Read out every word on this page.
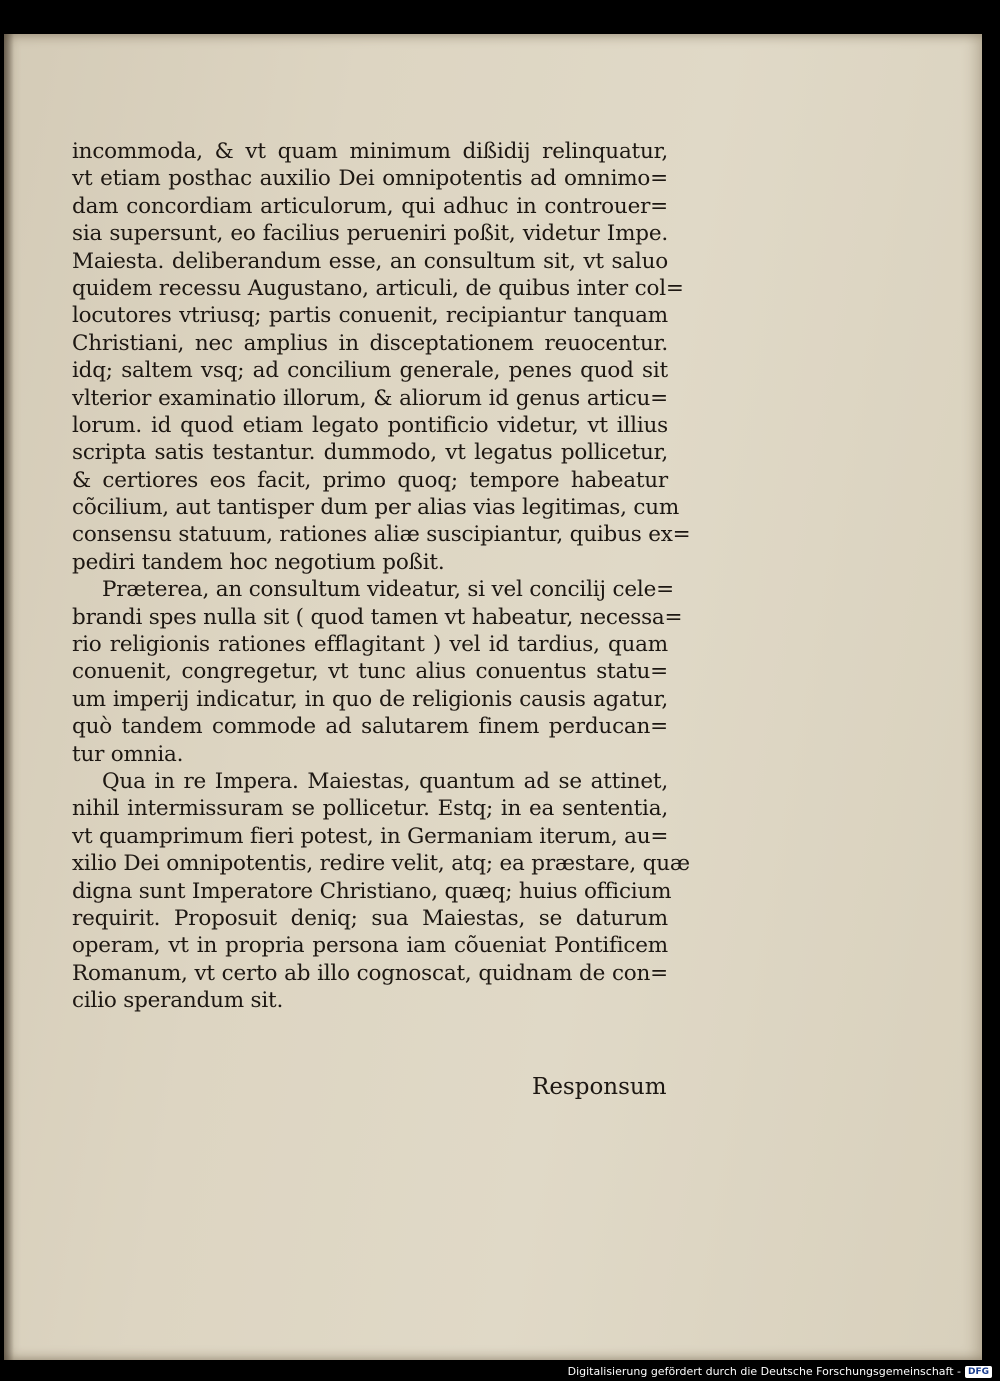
incommoda, & vt quam minimum dißidij relinquatur,
vt etiam posthac auxilio Dei omnipotentis ad omnimo=
dam concordiam articulorum, qui adhuc in controuer=
sia supersunt, eo facilius perueniri poßit, videtur Impe.
Maiesta. deliberandum esse, an consultum sit, vt saluo
quidem recessu Augustano, articuli, de quibus inter col=
locutores vtriusq; partis conuenit, recipiantur tanquam
Christiani, nec amplius in disceptationem reuocentur.
idq; saltem vsq; ad concilium generale, penes quod sit
vlterior examinatio illorum, & aliorum id genus articu=
lorum. id quod etiam legato pontificio videtur, vt illius
scripta satis testantur. dummodo, vt legatus pollicetur,
& certiores eos facit, primo quoq; tempore habeatur
cõcilium, aut tantisper dum per alias vias legitimas, cum
consensu statuum, rationes aliæ suscipiantur, quibus ex=
pediri tandem hoc negotium poßit.
Præterea, an consultum videatur, si vel concilij cele=
brandi spes nulla sit ( quod tamen vt habeatur, necessa=
rio religionis rationes efflagitant ) vel id tardius, quam
conuenit, congregetur, vt tunc alius conuentus statu=
um imperij indicatur, in quo de religionis causis agatur,
quò tandem commode ad salutarem finem perducan=
tur omnia.
Qua in re Impera. Maiestas, quantum ad se attinet,
nihil intermissuram se pollicetur. Estq; in ea sententia,
vt quamprimum fieri potest, in Germaniam iterum, au=
xilio Dei omnipotentis, redire velit, atq; ea præstare, quæ
digna sunt Imperatore Christiano, quæq; huius officium
requirit. Proposuit deniq; sua Maiestas, se daturum
operam, vt in propria persona iam cõueniat Pontificem
Romanum, vt certo ab illo cognoscat, quidnam de con=
cilio sperandum sit.
Responsum
Digitalisierung gefördert durch die Deutsche Forschungsgemeinschaft - DFG
